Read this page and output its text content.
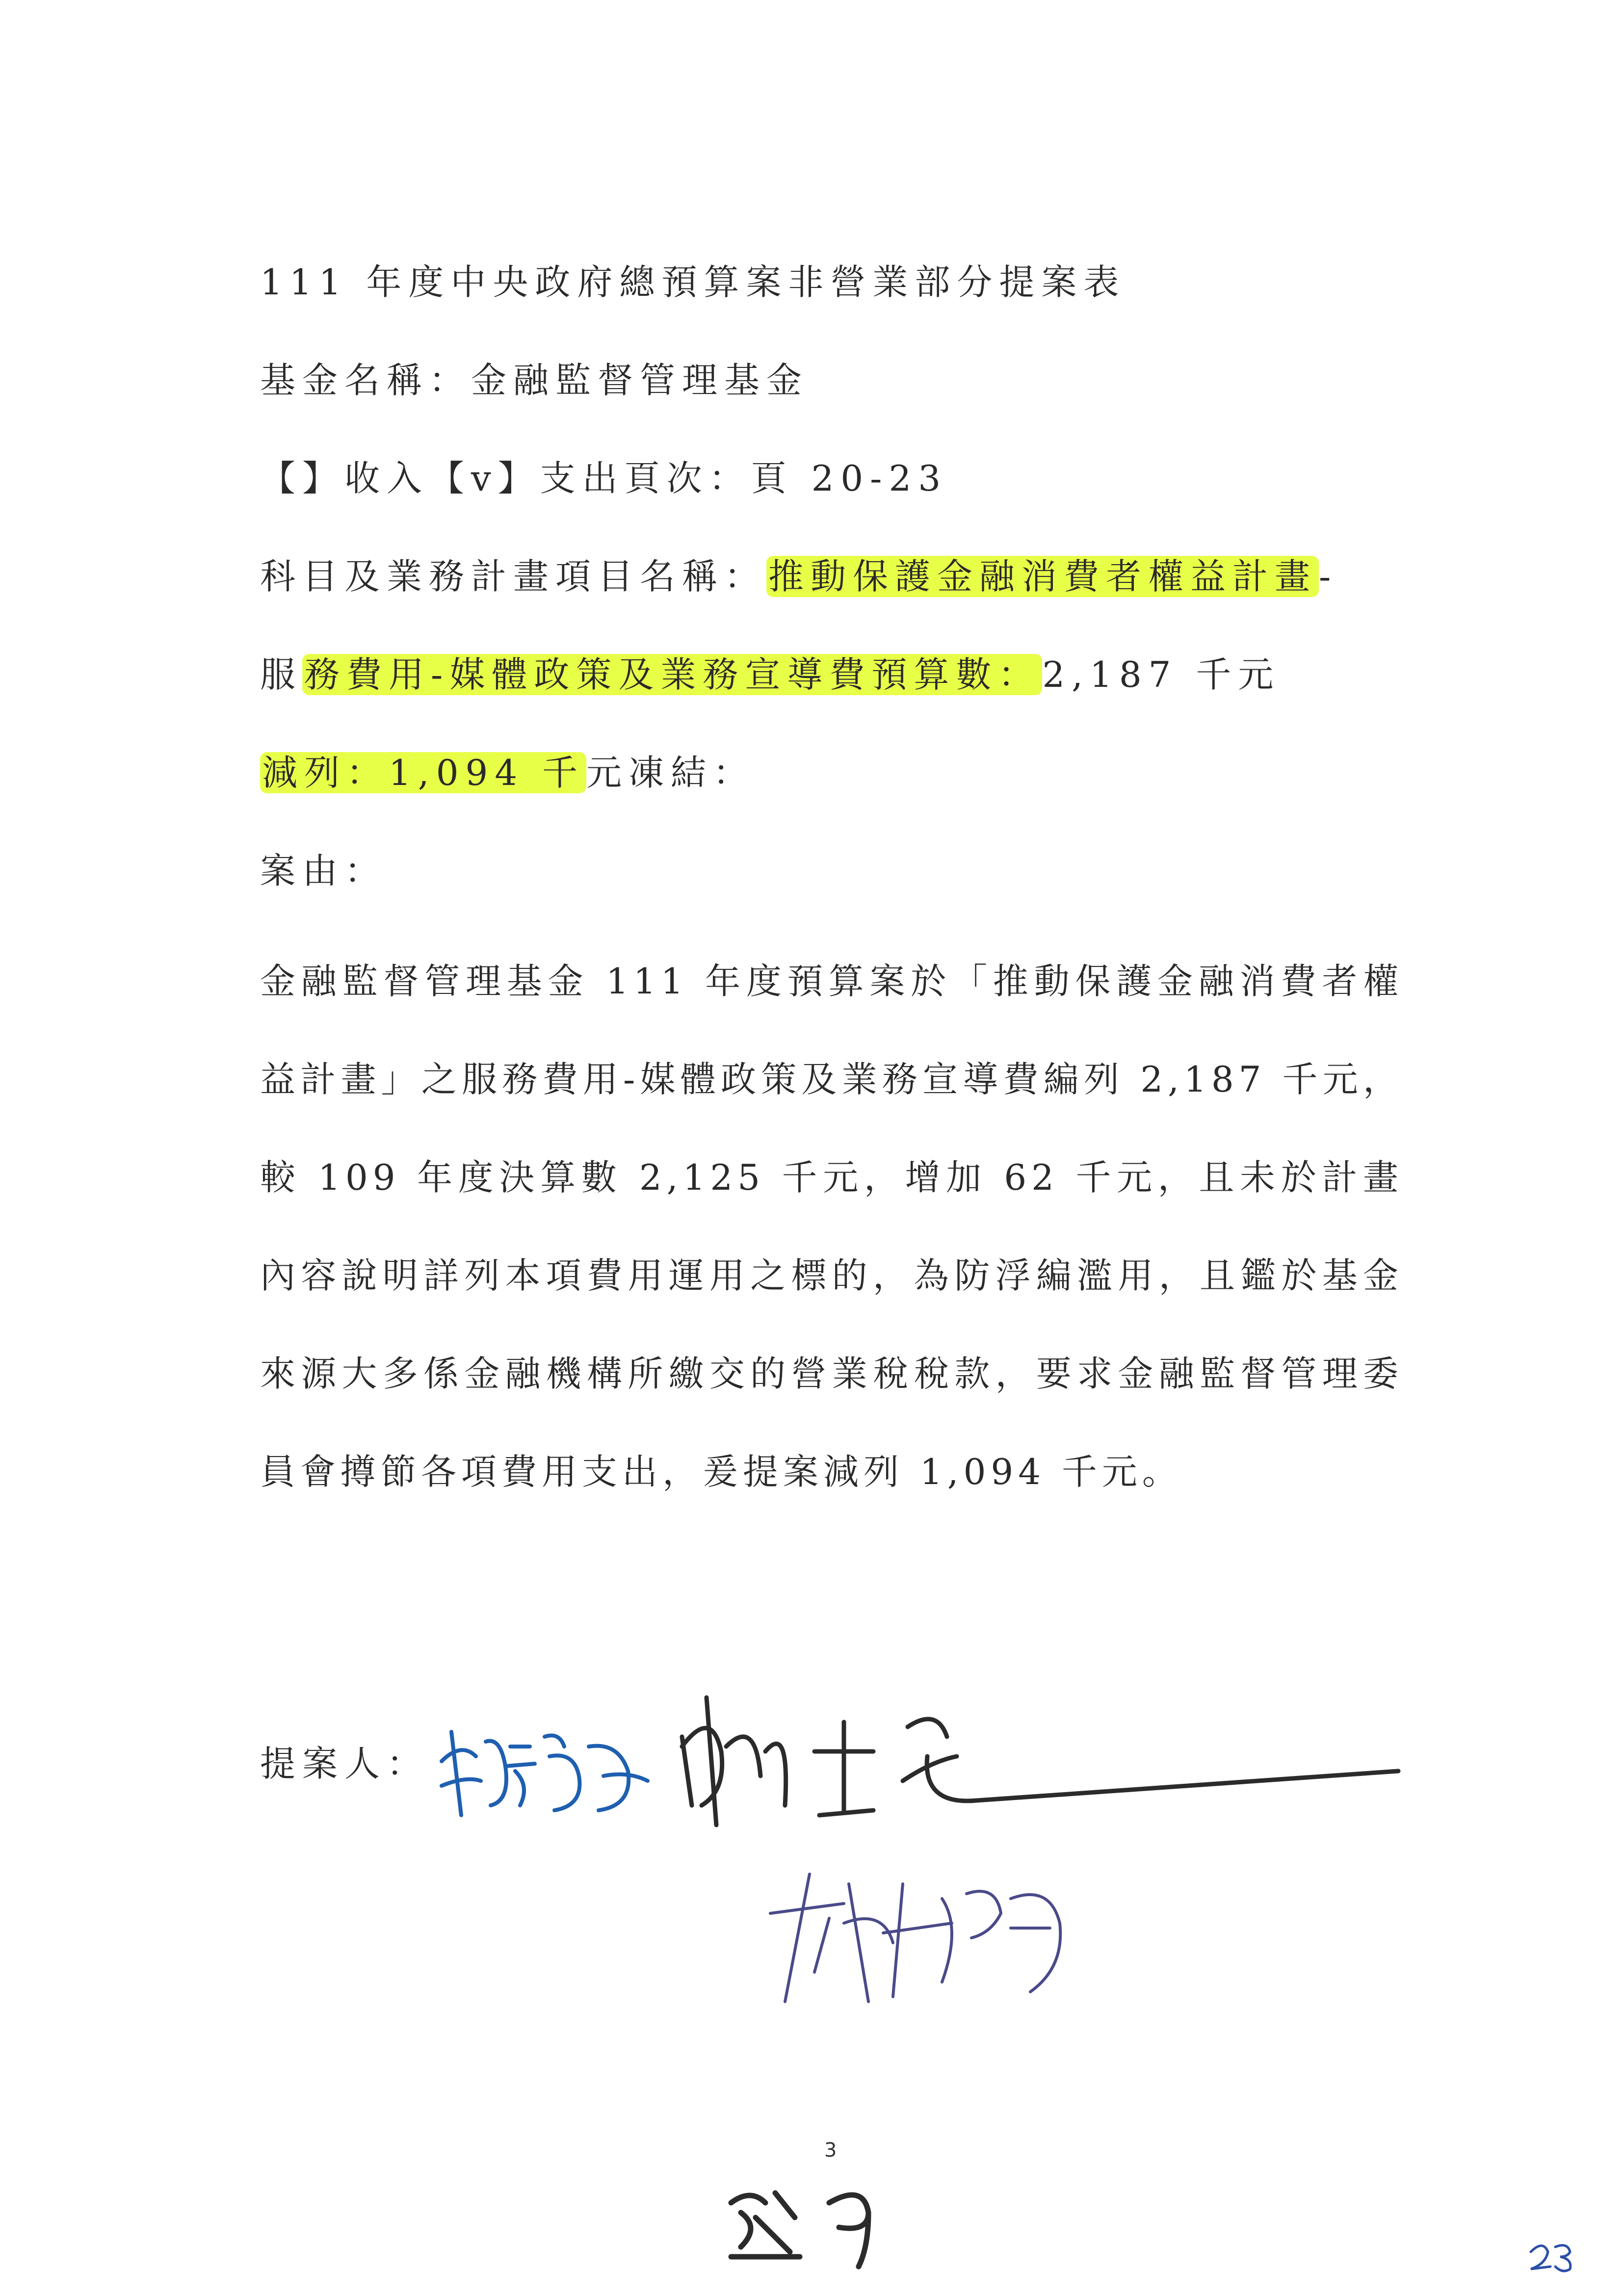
111 年度中央政府總預算案非營業部分提案表
基金名稱：金融監督管理基金
【】收入【v】支出頁次：頁 20-23
科目及業務計畫項目名稱：推動保護金融消費者權益計畫-
服務費用-媒體政策及業務宣導費預算數：2,187 千元
減列：1,094 千元凍結：
案由：
金融監督管理基金 111 年度預算案於「推動保護金融消費者權益計畫」之服務費用-媒體政策及業務宣導費編列 2,187 千元，較 109 年度決算數 2,125 千元，增加 62 千元，且未於計畫內容說明詳列本項費用運用之標的，為防浮編濫用，且鑑於基金來源大多係金融機構所繳交的營業稅稅款，要求金融監督管理委員會撙節各項費用支出，爰提案減列 1,094 千元。
提案人：
3
